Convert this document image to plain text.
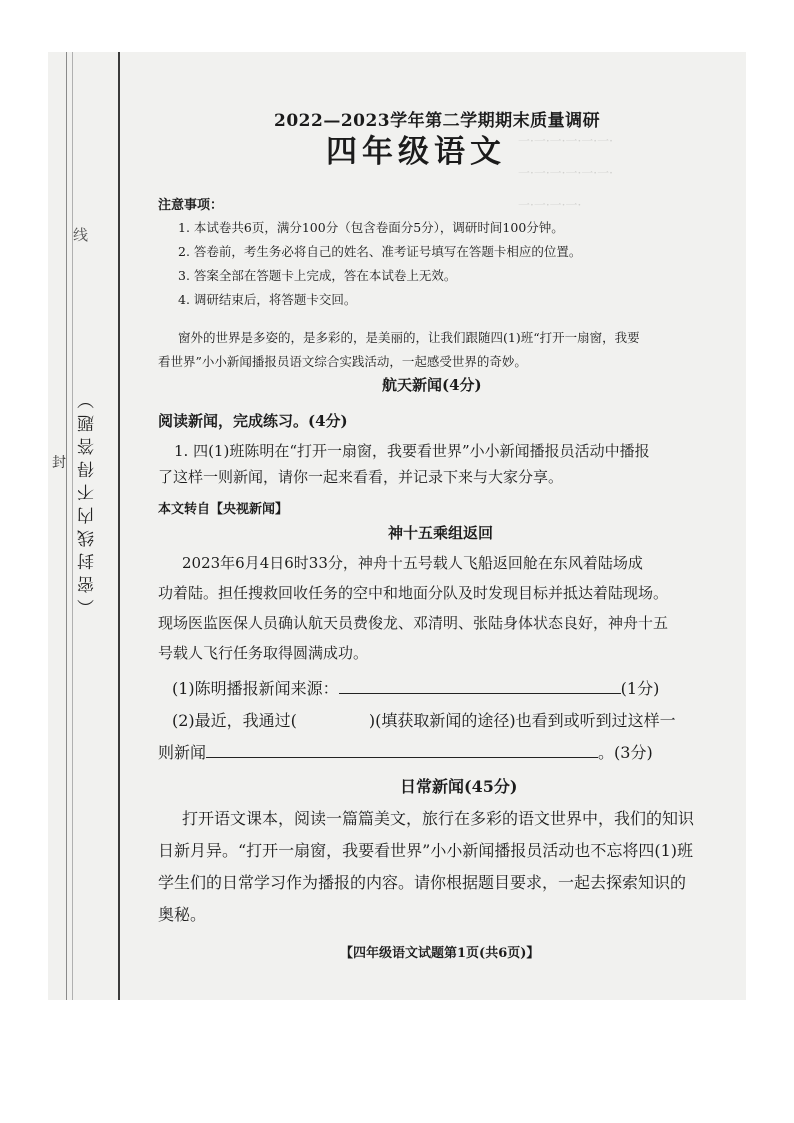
线
封 （密封线内不得答题）
一·一·一·一·一·一·
一·一·一·一·一·一·
一·一·一·一·
2022—2023学年第二学期期末质量调研
四年级语文
注意事项：
1. 本试卷共6页，满分100分（包含卷面分5分），调研时间100分钟。
2. 答卷前，考生务必将自己的姓名、准考证号填写在答题卡相应的位置。
3. 答案全部在答题卡上完成，答在本试卷上无效。
4. 调研结束后，将答题卡交回。
窗外的世界是多姿的，是多彩的，是美丽的，让我们跟随四(1)班“打开一扇窗，我要
看世界”小小新闻播报员语文综合实践活动，一起感受世界的奇妙。
航天新闻(4分)
阅读新闻，完成练习。(4分)
1. 四(1)班陈明在“打开一扇窗，我要看世界”小小新闻播报员活动中播报
了这样一则新闻，请你一起来看看，并记录下来与大家分享。
本文转自【央视新闻】
神十五乘组返回
2023年6月4日6时33分，神舟十五号载人飞船返回舱在东风着陆场成
功着陆。担任搜救回收任务的空中和地面分队及时发现目标并抵达着陆现场。
现场医监医保人员确认航天员费俊龙、邓清明、张陆身体状态良好，神舟十五
号载人飞行任务取得圆满成功。
(1)陈明播报新闻来源：	(1分)
(2)最近，我通过(	)(填获取新闻的途径)也看到或听到过这样一
则新闻	。(3分)
日常新闻(45分)
打开语文课本，阅读一篇篇美文，旅行在多彩的语文世界中，我们的知识
日新月异。“打开一扇窗，我要看世界”小小新闻播报员活动也不忘将四(1)班
学生们的日常学习作为播报的内容。请你根据题目要求，一起去探索知识的
奥秘。
【四年级语文试题第1页(共6页)】
